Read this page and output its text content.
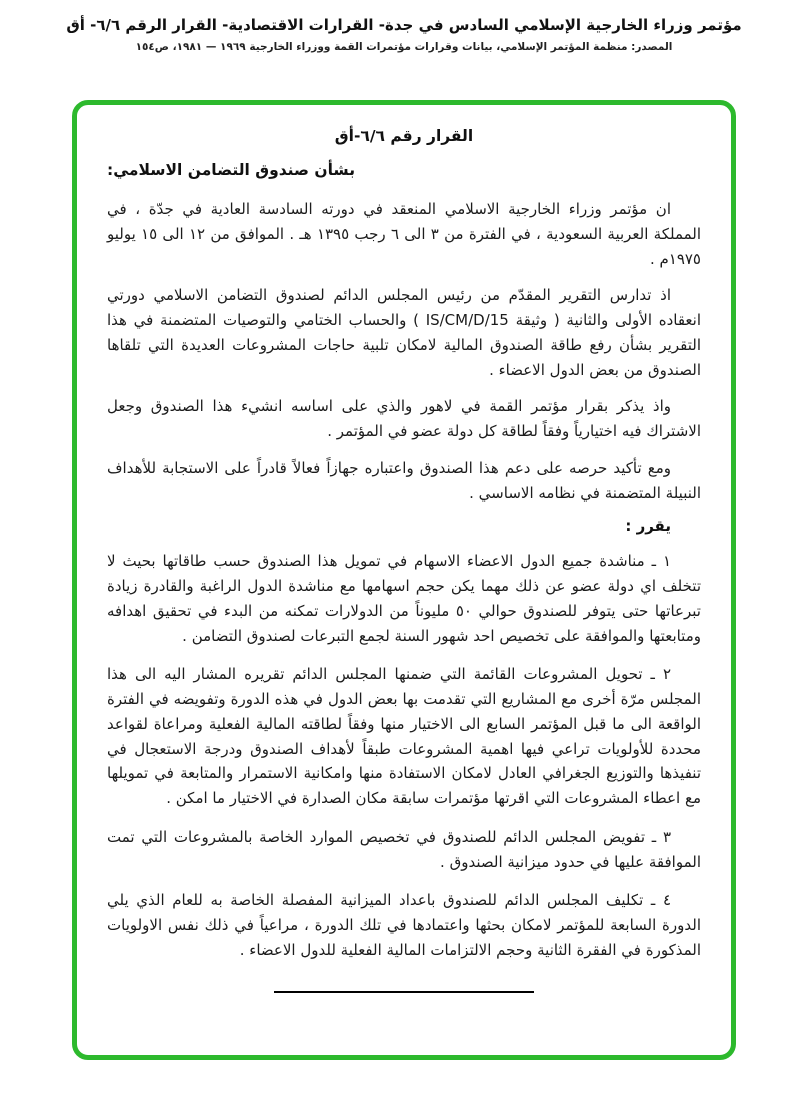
مؤتمر وزراء الخارجية الإسلامي السادس في جدة- القرارات الاقتصادية- القرار الرقم ٦/٦- أق
المصدر: منظمة المؤتمر الإسلامي، بيانات وقرارات مؤتمرات القمة ووزراء الخارجية ١٩٦٩ — ١٩٨١، ص١٥٤
القرار رقم ٦/٦-أق
بشأن صندوق التضامن الاسلامي:

ان مؤتمر وزراء الخارجية الاسلامي المنعقد في دورته السادسة العادية في جدّة ، في المملكة العربية السعودية ، في الفترة من ٣ الى ٦ رجب ١٣٩٥ هـ . الموافق من ١٢ الى ١٥ يوليو ١٩٧٥م .

اذ تدارس التقرير المقدّم من رئيس المجلس الدائم لصندوق التضامن الاسلامي دورتي انعقاده الأولى والثانية ( وثيقة IS/CM/D/15 ) والحساب الختامي والتوصيات المتضمنة في هذا التقرير بشأن رفع طاقة الصندوق المالية لامكان تلبية حاجات المشروعات العديدة التي تلقاها الصندوق من بعض الدول الاعضاء .

واذ يذكر بقرار مؤتمر القمة في لاهور والذي على اساسه انشيء هذا الصندوق وجعل الاشتراك فيه اختيارياً وفقاً لطاقة كل دولة عضو في المؤتمر .

ومع تأكيد حرصه على دعم هذا الصندوق واعتباره جهازاً فعالاً قادراً على الاستجابة للأهداف النبيلة المتضمنة في نظامه الاساسي .

يقرر :

١ ـ مناشدة جميع الدول الاعضاء الاسهام في تمويل هذا الصندوق حسب طاقاتها بحيث لا تتخلف اي دولة عضو عن ذلك مهما يكن حجم اسهامها مع مناشدة الدول الراغبة والقادرة زيادة تبرعاتها حتى يتوفر للصندوق حوالي ٥٠ مليوناً من الدولارات تمكنه من البدء في تحقيق اهدافه ومتابعتها والموافقة على تخصيص احد شهور السنة لجمع التبرعات لصندوق التضامن .

٢ ـ تحويل المشروعات القائمة التي ضمنها المجلس الدائم تقريره المشار اليه الى هذا المجلس مرّة أخرى مع المشاريع التي تقدمت بها بعض الدول في هذه الدورة وتفويضه في الفترة الواقعة الى ما قبل المؤتمر السابع الى الاختيار منها وفقاً لطاقته المالية الفعلية ومراعاة لقواعد محددة للأولويات تراعي فيها اهمية المشروعات طبقاً لأهداف الصندوق ودرجة الاستعجال في تنفيذها والتوزيع الجغرافي العادل لامكان الاستفادة منها وامكانية الاستمرار والمتابعة في تمويلها مع اعطاء المشروعات التي اقرتها مؤتمرات سابقة مكان الصدارة في الاختيار ما امكن .

٣ ـ تفويض المجلس الدائم للصندوق في تخصيص الموارد الخاصة بالمشروعات التي تمت الموافقة عليها في حدود ميزانية الصندوق .

٤ ـ تكليف المجلس الدائم للصندوق باعداد الميزانية المفصلة الخاصة به للعام الذي يلي الدورة السابعة للمؤتمر لامكان بحثها واعتمادها في تلك الدورة ، مراعياً في ذلك نفس الاولويات المذكورة في الفقرة الثانية وحجم الالتزامات المالية الفعلية للدول الاعضاء .
